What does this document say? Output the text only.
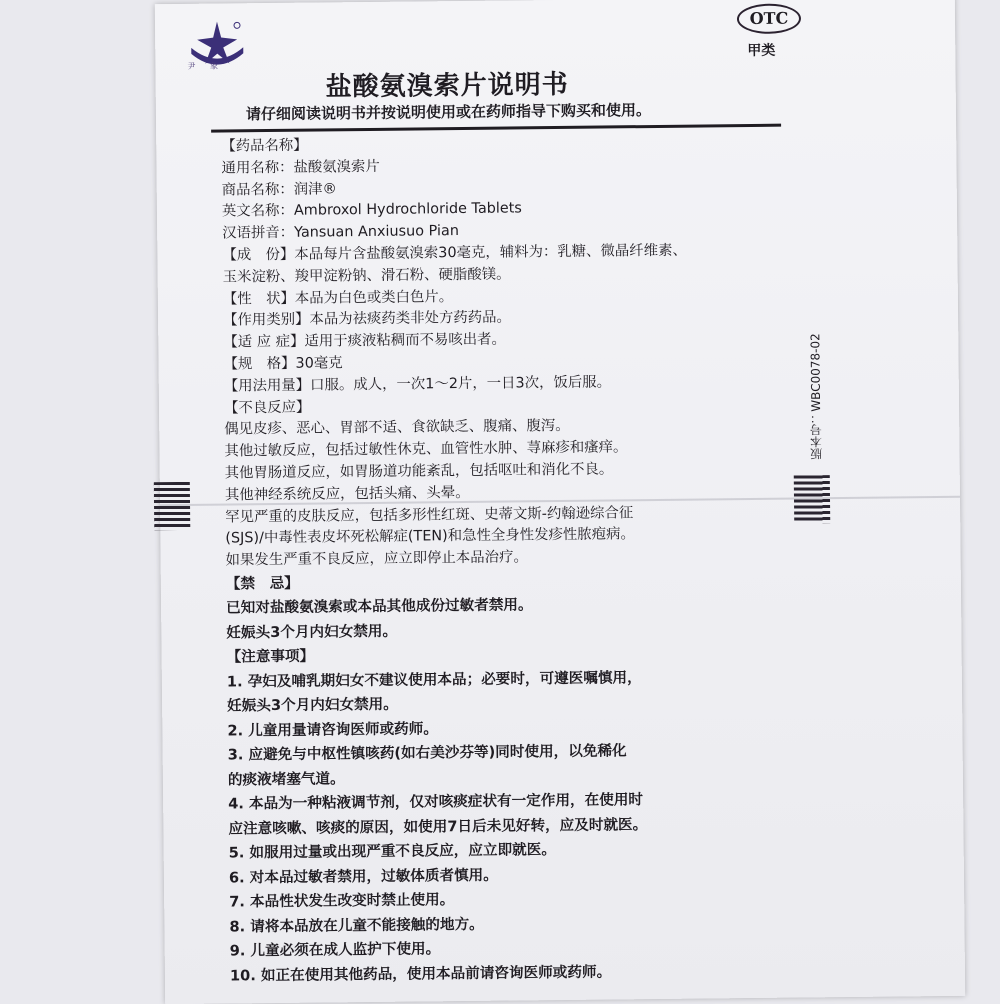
尹 象
OTC
甲类
盐酸氨溴索片说明书
请仔细阅读说明书并按说明使用或在药师指导下购买和使用。
【药品名称】
通用名称：盐酸氨溴索片
商品名称：润津®
英文名称：Ambroxol Hydrochloride Tablets
汉语拼音：Yansuan Anxiusuo Pian
【成　份】本品每片含盐酸氨溴索30毫克，辅料为：乳糖、微晶纤维素、
玉米淀粉、羧甲淀粉钠、滑石粉、硬脂酸镁。
【性　状】本品为白色或类白色片。
【作用类别】本品为祛痰药类非处方药药品。
【适 应 症】适用于痰液粘稠而不易咳出者。
【规　格】30毫克
【用法用量】口服。成人，一次1～2片，一日3次，饭后服。
【不良反应】
偶见皮疹、恶心、胃部不适、食欲缺乏、腹痛、腹泻。
其他过敏反应，包括过敏性休克、血管性水肿、荨麻疹和瘙痒。
其他胃肠道反应，如胃肠道功能紊乱，包括呕吐和消化不良。
其他神经系统反应，包括头痛、头晕。
罕见严重的皮肤反应，包括多形性红斑、史蒂文斯-约翰逊综合征
(SJS)/中毒性表皮坏死松解症(TEN)和急性全身性发疹性脓疱病。
如果发生严重不良反应，应立即停止本品治疗。
【禁　忌】
已知对盐酸氨溴索或本品其他成份过敏者禁用。
妊娠头3个月内妇女禁用。
【注意事项】
1. 孕妇及哺乳期妇女不建议使用本品；必要时，可遵医嘱慎用，
妊娠头3个月内妇女禁用。
2. 儿童用量请咨询医师或药师。
3. 应避免与中枢性镇咳药(如右美沙芬等)同时使用，以免稀化
的痰液堵塞气道。
4. 本品为一种粘液调节剂，仅对咳痰症状有一定作用，在使用时
应注意咳嗽、咳痰的原因，如使用7日后未见好转，应及时就医。
5. 如服用过量或出现严重不良反应，应立即就医。
6. 对本品过敏者禁用，过敏体质者慎用。
7. 本品性状发生改变时禁止使用。
8. 请将本品放在儿童不能接触的地方。
9. 儿童必须在成人监护下使用。
10. 如正在使用其他药品，使用本品前请咨询医师或药师。
版本号：WBC0078-02
